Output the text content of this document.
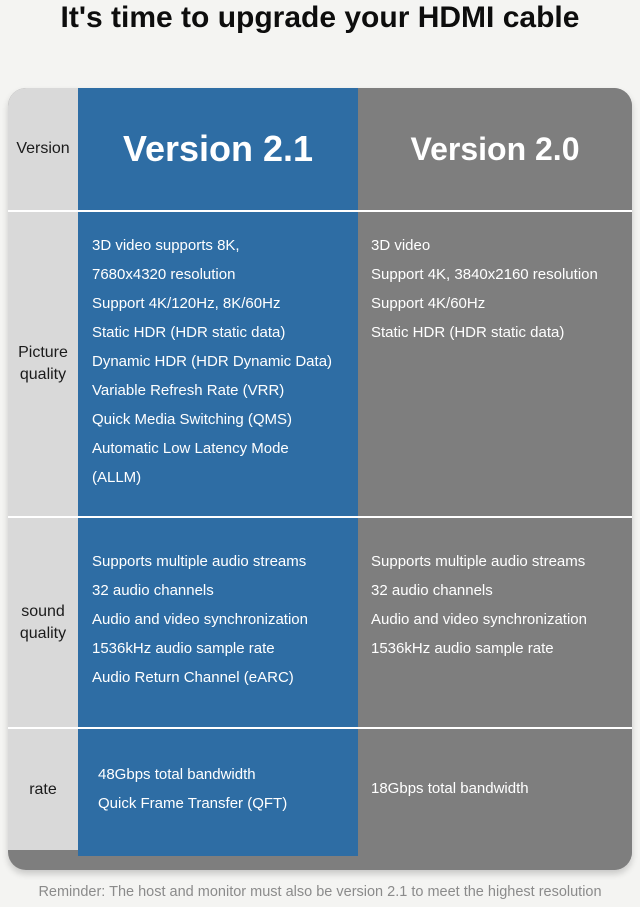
It's time to upgrade your HDMI cable
Version	Version 2.1	Version 2.0
Picture quality
3D video supports 8K,
7680x4320 resolution
Support 4K/120Hz, 8K/60Hz
Static HDR (HDR static data)
Dynamic HDR (HDR Dynamic Data)
Variable Refresh Rate (VRR)
Quick Media Switching (QMS)
Automatic Low Latency Mode
(ALLM)
3D video
Support 4K, 3840x2160 resolution
Support 4K/60Hz
Static HDR (HDR static data)
sound quality
Supports multiple audio streams
32 audio channels
Audio and video synchronization
1536kHz audio sample rate
Audio Return Channel (eARC)
Supports multiple audio streams
32 audio channels
Audio and video synchronization
1536kHz audio sample rate
rate
48Gbps total bandwidth
Quick Frame Transfer (QFT)
18Gbps total bandwidth
Reminder: The host and monitor must also be version 2.1 to meet the highest resolution
